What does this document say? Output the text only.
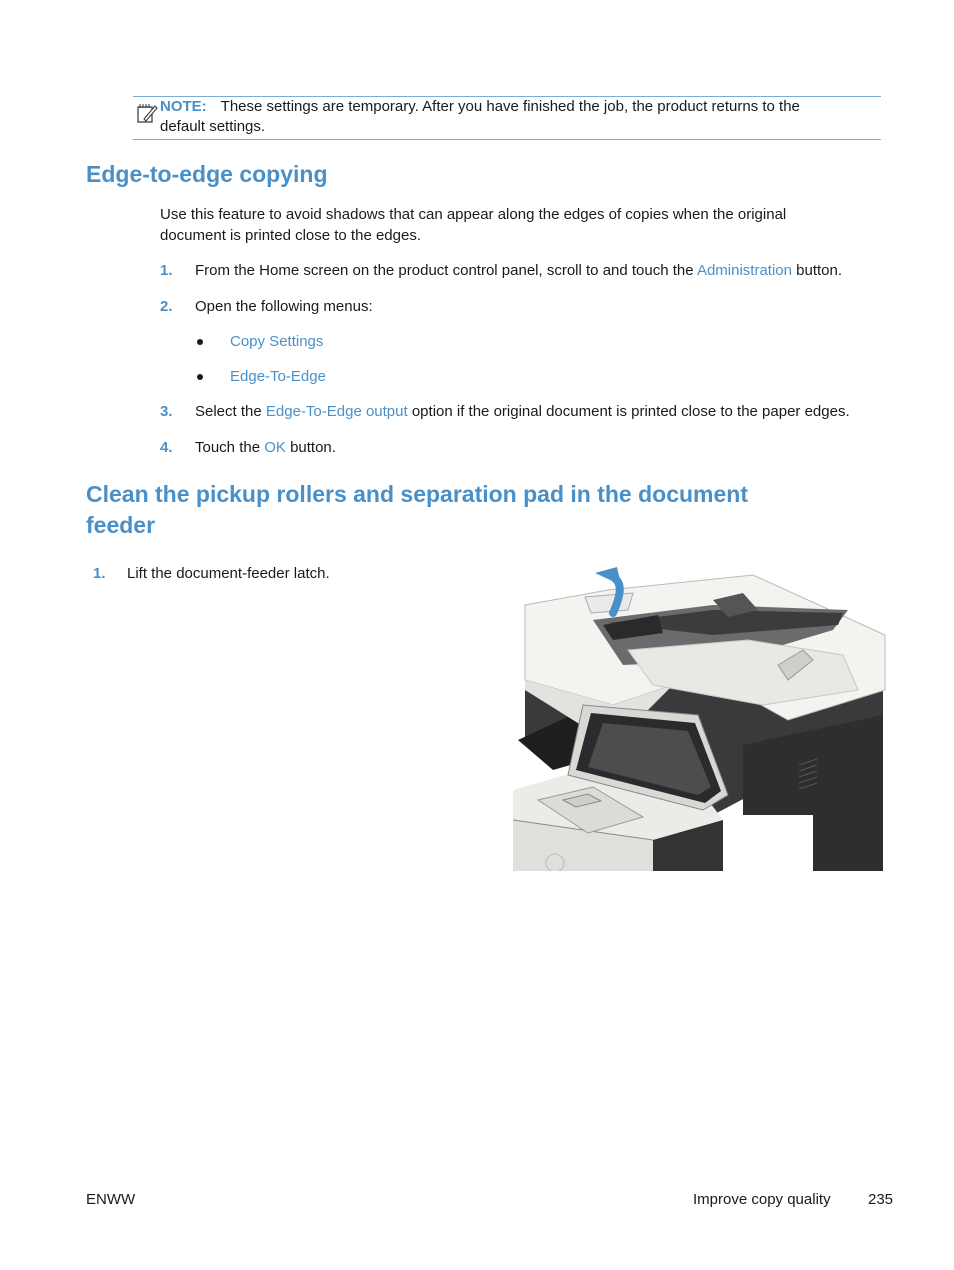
NOTE: These settings are temporary. After you have finished the job, the product returns to the
default settings.
Edge-to-edge copying
Use this feature to avoid shadows that can appear along the edges of copies when the original
document is printed close to the edges.
1. From the Home screen on the product control panel, scroll to and touch the Administration button.
2. Open the following menus:
Copy Settings
Edge-To-Edge
3. Select the Edge-To-Edge output option if the original document is printed close to the paper edges.
4. Touch the OK button.
Clean the pickup rollers and separation pad in the document
feeder
1. Lift the document-feeder latch.
ENWW	Improve copy quality 235
